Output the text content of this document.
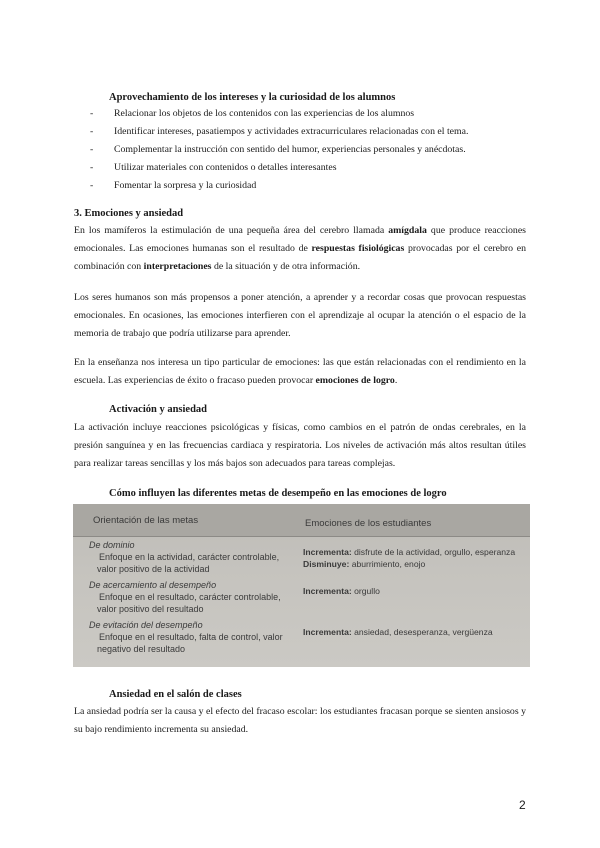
Aprovechamiento de los intereses y la curiosidad de los alumnos
- Relacionar los objetos de los contenidos con las experiencias de los alumnos
- Identificar intereses, pasatiempos y actividades extracurriculares relacionadas con el tema.
- Complementar la instrucción con sentido del humor, experiencias personales y anécdotas.
- Utilizar materiales con contenidos o detalles interesantes
- Fomentar la sorpresa y la curiosidad
3. Emociones y ansiedad

En los mamíferos la estimulación de una pequeña área del cerebro llamada amígdala que produce reacciones emocionales. Las emociones humanas son el resultado de respuestas fisiológicas provocadas por el cerebro en combinación con interpretaciones de la situación y de otra información.

Los seres humanos son más propensos a poner atención, a aprender y a recordar cosas que provocan respuestas emocionales. En ocasiones, las emociones interfieren con el aprendizaje al ocupar la atención o el espacio de la memoria de trabajo que podría utilizarse para aprender.

En la enseñanza nos interesa un tipo particular de emociones: las que están relacionadas con el rendimiento en la escuela. Las experiencias de éxito o fracaso pueden provocar emociones de logro.

Activación y ansiedad

La activación incluye reacciones psicológicas y físicas, como cambios en el patrón de ondas cerebrales, en la presión sanguínea y en las frecuencias cardiaca y respiratoria. Los niveles de activación más altos resultan útiles para realizar tareas sencillas y los más bajos son adecuados para tareas complejas.

Cómo influyen las diferentes metas de desempeño en las emociones de logro
Orientación de las metas	Emociones de los estudiantes
De dominio
Enfoque en la actividad, carácter controlable,
valor positivo de la actividad
Incrementa: disfrute de la actividad, orgullo, esperanza
Disminuye: aburrimiento, enojo
De acercamiento al desempeño
Enfoque en el resultado, carácter controlable,
valor positivo del resultado
Incrementa: orgullo
De evitación del desempeño
Enfoque en el resultado, falta de control, valor
negativo del resultado
Incrementa: ansiedad, desesperanza, vergüenza
Ansiedad en el salón de clases

La ansiedad podría ser la causa y el efecto del fracaso escolar: los estudiantes fracasan porque se sienten ansiosos y su bajo rendimiento incrementa su ansiedad.

2
